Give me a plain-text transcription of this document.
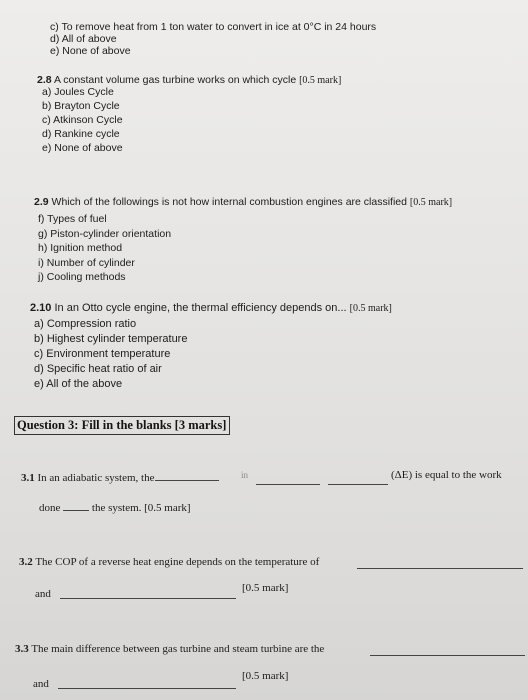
c) To remove heat from 1 ton water to convert in ice at 0°C in 24 hours
d) All of above
e) None of above
2.8 A constant volume gas turbine works on which cycle [0.5 mark]
a) Joules Cycle
b) Brayton Cycle
c) Atkinson Cycle
d) Rankine cycle
e) None of above
2.9 Which of the followings is not how internal combustion engines are classified [0.5 mark]
f) Types of fuel
g) Piston-cylinder orientation
h) Ignition method
i) Number of cylinder
j) Cooling methods
2.10 In an Otto cycle engine, the thermal efficiency depends on... [0.5 mark]
a) Compression ratio
b) Highest cylinder temperature
c) Environment temperature
d) Specific heat ratio of air
e) All of the above
Question 3: Fill in the blanks [3 marks]
3.1 In an adiabatic system, the	in	(ΔE) is equal to the work
done	the system. [0.5 mark]
3.2 The COP of a reverse heat engine depends on the temperature of
and	[0.5 mark]
3.3 The main difference between gas turbine and steam turbine are the
and
[0.5 mark]
